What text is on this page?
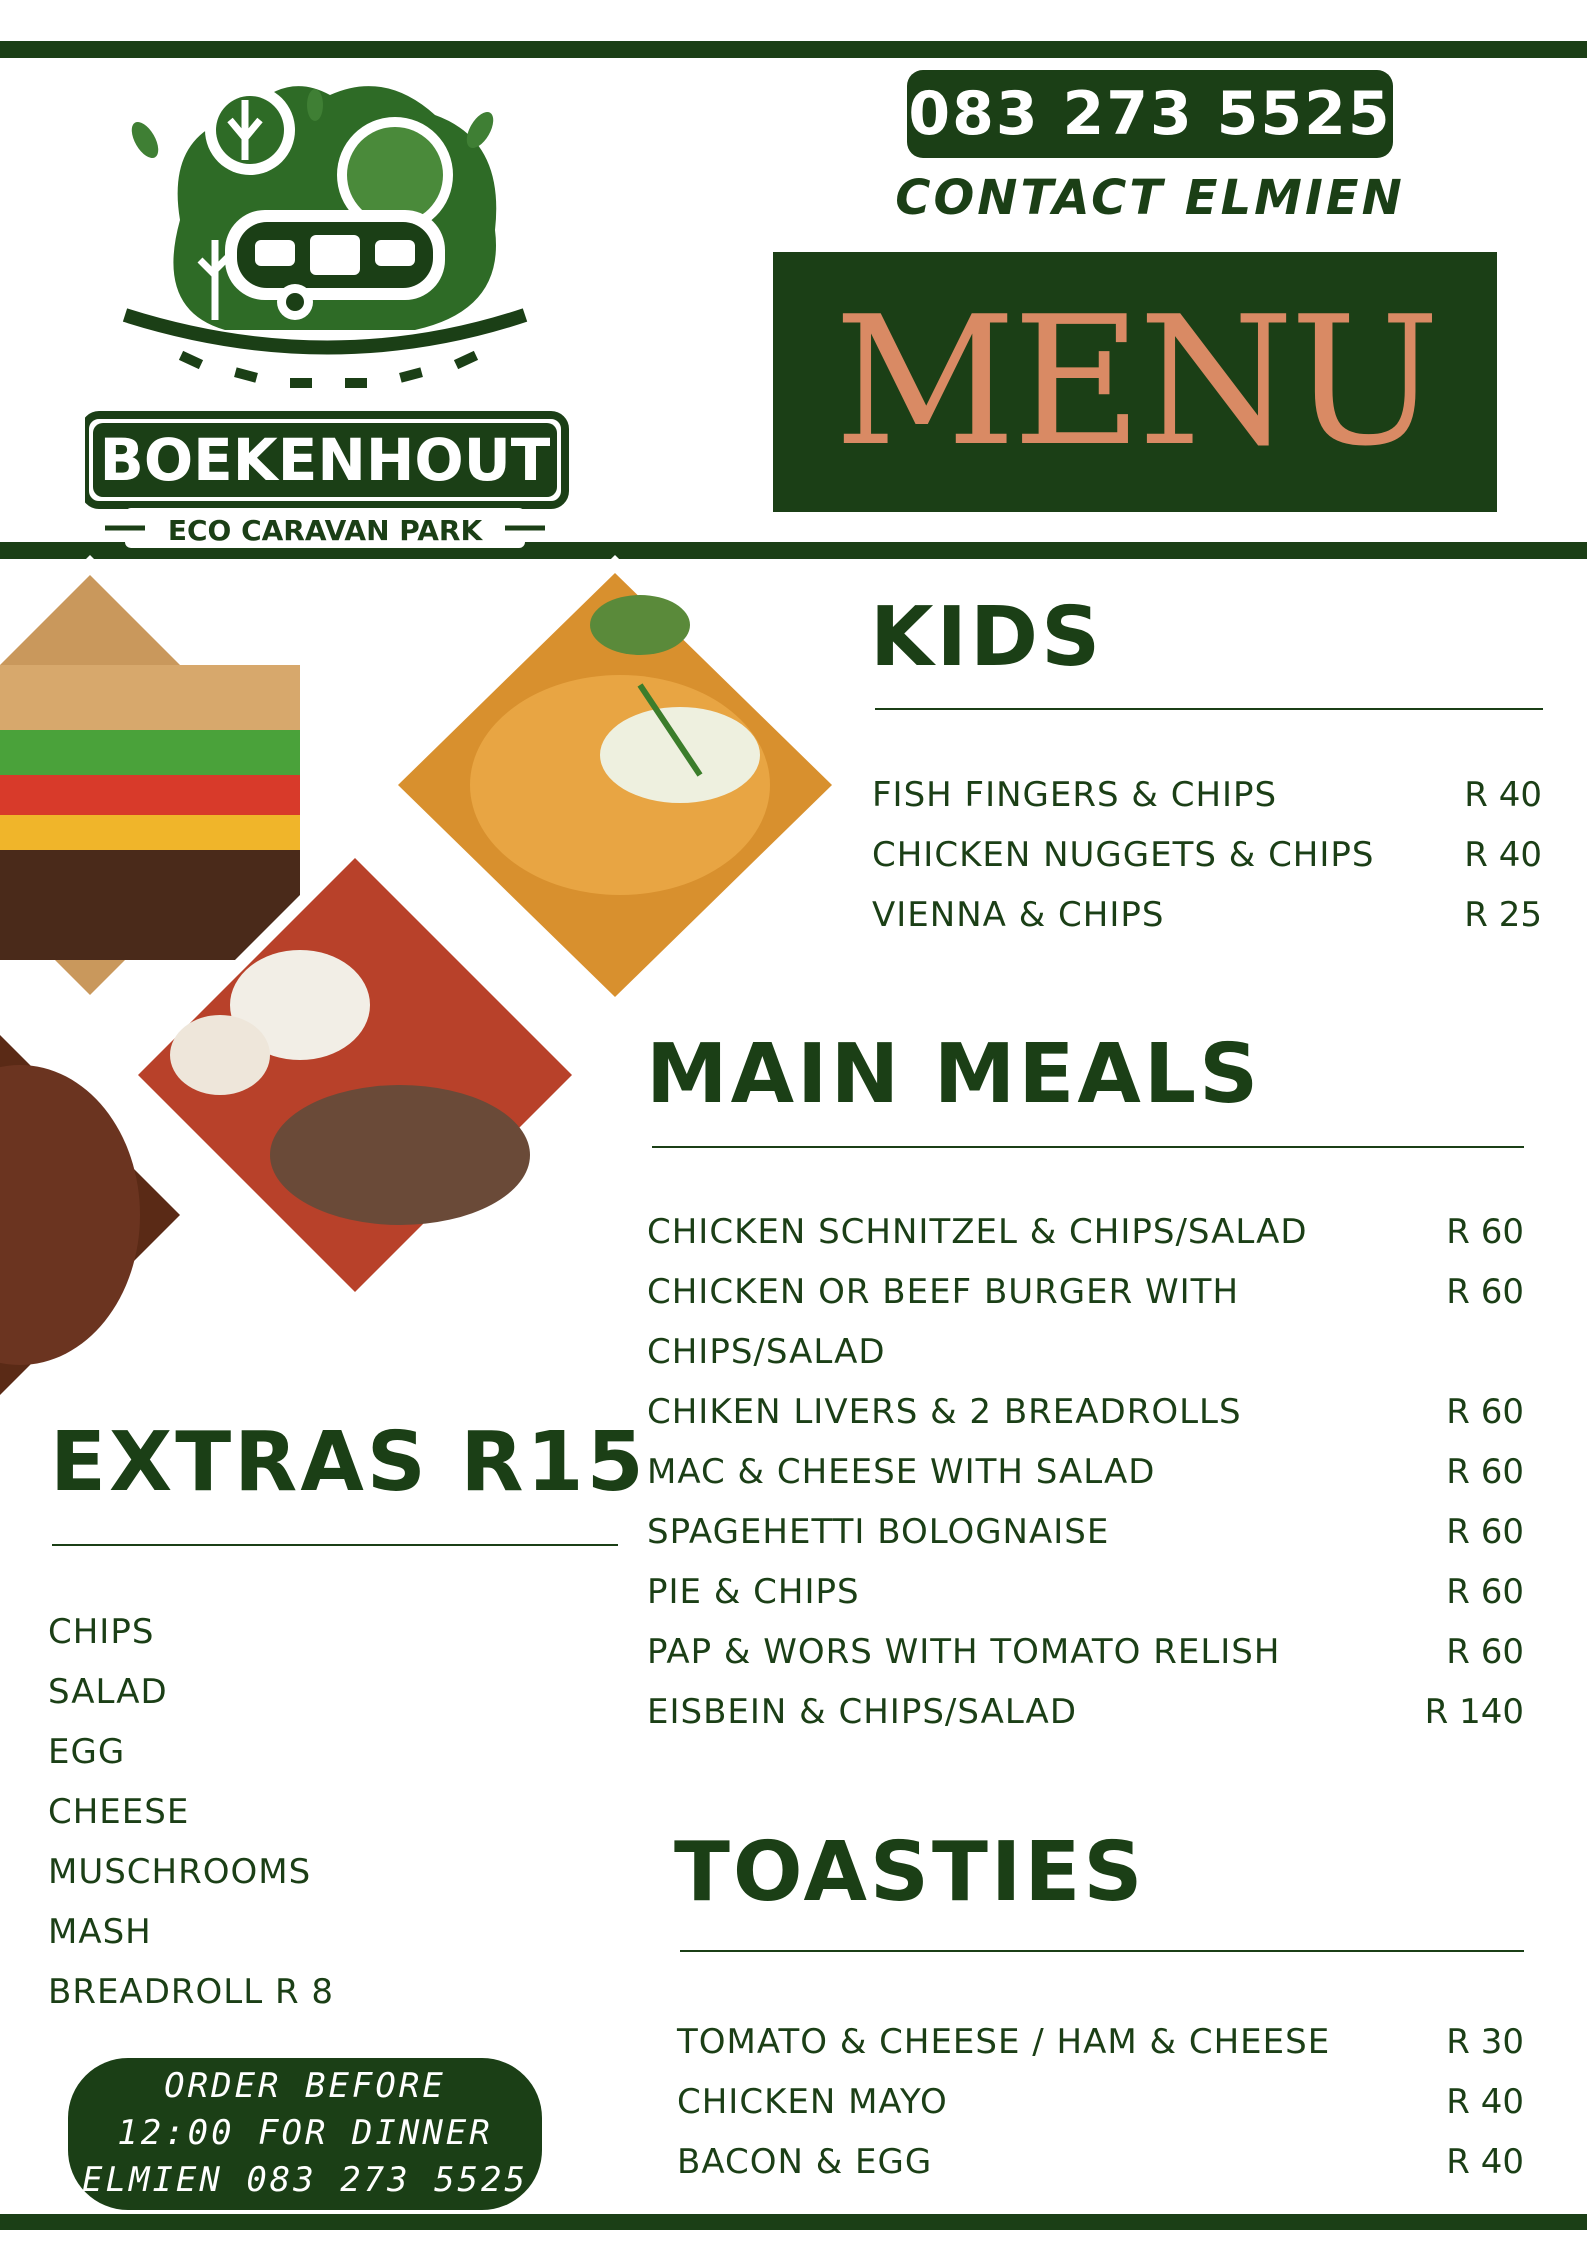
BOEKENHOUT
ECO CARAVAN PARK
083 273 5525
CONTACT ELMIEN
MENU
KIDS
FISH FINGERS & CHIPS	R 40
CHICKEN NUGGETS & CHIPS	R 40
VIENNA & CHIPS	R 25
MAIN MEALS
CHICKEN SCHNITZEL & CHIPS/SALAD	R 60
CHICKEN OR BEEF BURGER WITH	R 60
CHIPS/SALAD
CHIKEN LIVERS & 2 BREADROLLS	R 60
MAC & CHEESE WITH SALAD	R 60
SPAGEHETTI BOLOGNAISE	R 60
PIE & CHIPS	R 60
PAP & WORS WITH TOMATO RELISH	R 60
EISBEIN & CHIPS/SALAD	R 140
EXTRAS R15
CHIPS
SALAD
EGG
CHEESE
MUSCHROOMS
MASH
BREADROLL R 8
TOASTIES
TOMATO & CHEESE / HAM & CHEESE	R 30
CHICKEN MAYO	R 40
BACON & EGG	R 40
ORDER BEFORE
12:00 FOR DINNER
ELMIEN 083 273 5525
